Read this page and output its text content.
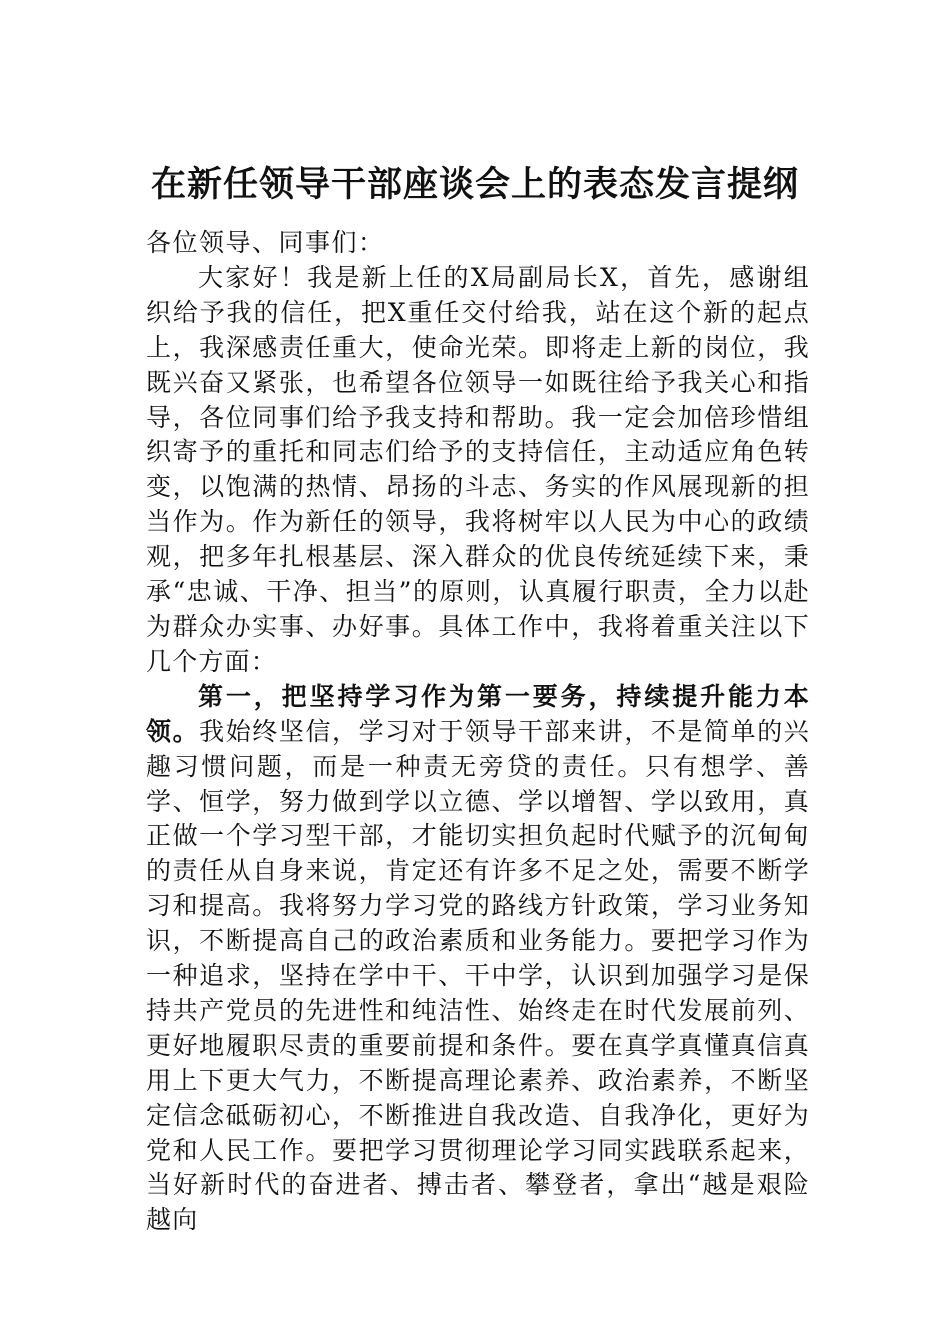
在新任领导干部座谈会上的表态发言提纲

各位领导、同事们：

大家好！我是新上任的X局副局长X，首先，感谢组织给予我的信任，把X重任交付给我，站在这个新的起点上，我深感责任重大，使命光荣。即将走上新的岗位，我既兴奋又紧张，也希望各位领导一如既往给予我关心和指导，各位同事们给予我支持和帮助。我一定会加倍珍惜组织寄予的重托和同志们给予的支持信任，主动适应角色转变，以饱满的热情、昂扬的斗志、务实的作风展现新的担当作为。作为新任的领导，我将树牢以人民为中心的政绩观，把多年扎根基层、深入群众的优良传统延续下来，秉承“忠诚、干净、担当”的原则，认真履行职责，全力以赴为群众办实事、办好事。具体工作中，我将着重关注以下几个方面：

第一，把坚持学习作为第一要务，持续提升能力本领。我始终坚信，学习对于领导干部来讲，不是简单的兴趣习惯问题，而是一种责无旁贷的责任。只有想学、善学、恒学，努力做到学以立德、学以增智、学以致用，真正做一个学习型干部，才能切实担负起时代赋予的沉甸甸的责任从自身来说，肯定还有许多不足之处，需要不断学习和提高。我将努力学习党的路线方针政策，学习业务知识，不断提高自己的政治素质和业务能力。要把学习作为一种追求，坚持在学中干、干中学，认识到加强学习是保持共产党员的先进性和纯洁性、始终走在时代发展前列、更好地履职尽责的重要前提和条件。要在真学真懂真信真用上下更大气力，不断提高理论素养、政治素养，不断坚定信念砥砺初心，不断推进自我改造、自我净化，更好为党和人民工作。要把学习贯彻理论学习同实践联系起来，当好新时代的奋进者、搏击者、攀登者，拿出“越是艰险越向
